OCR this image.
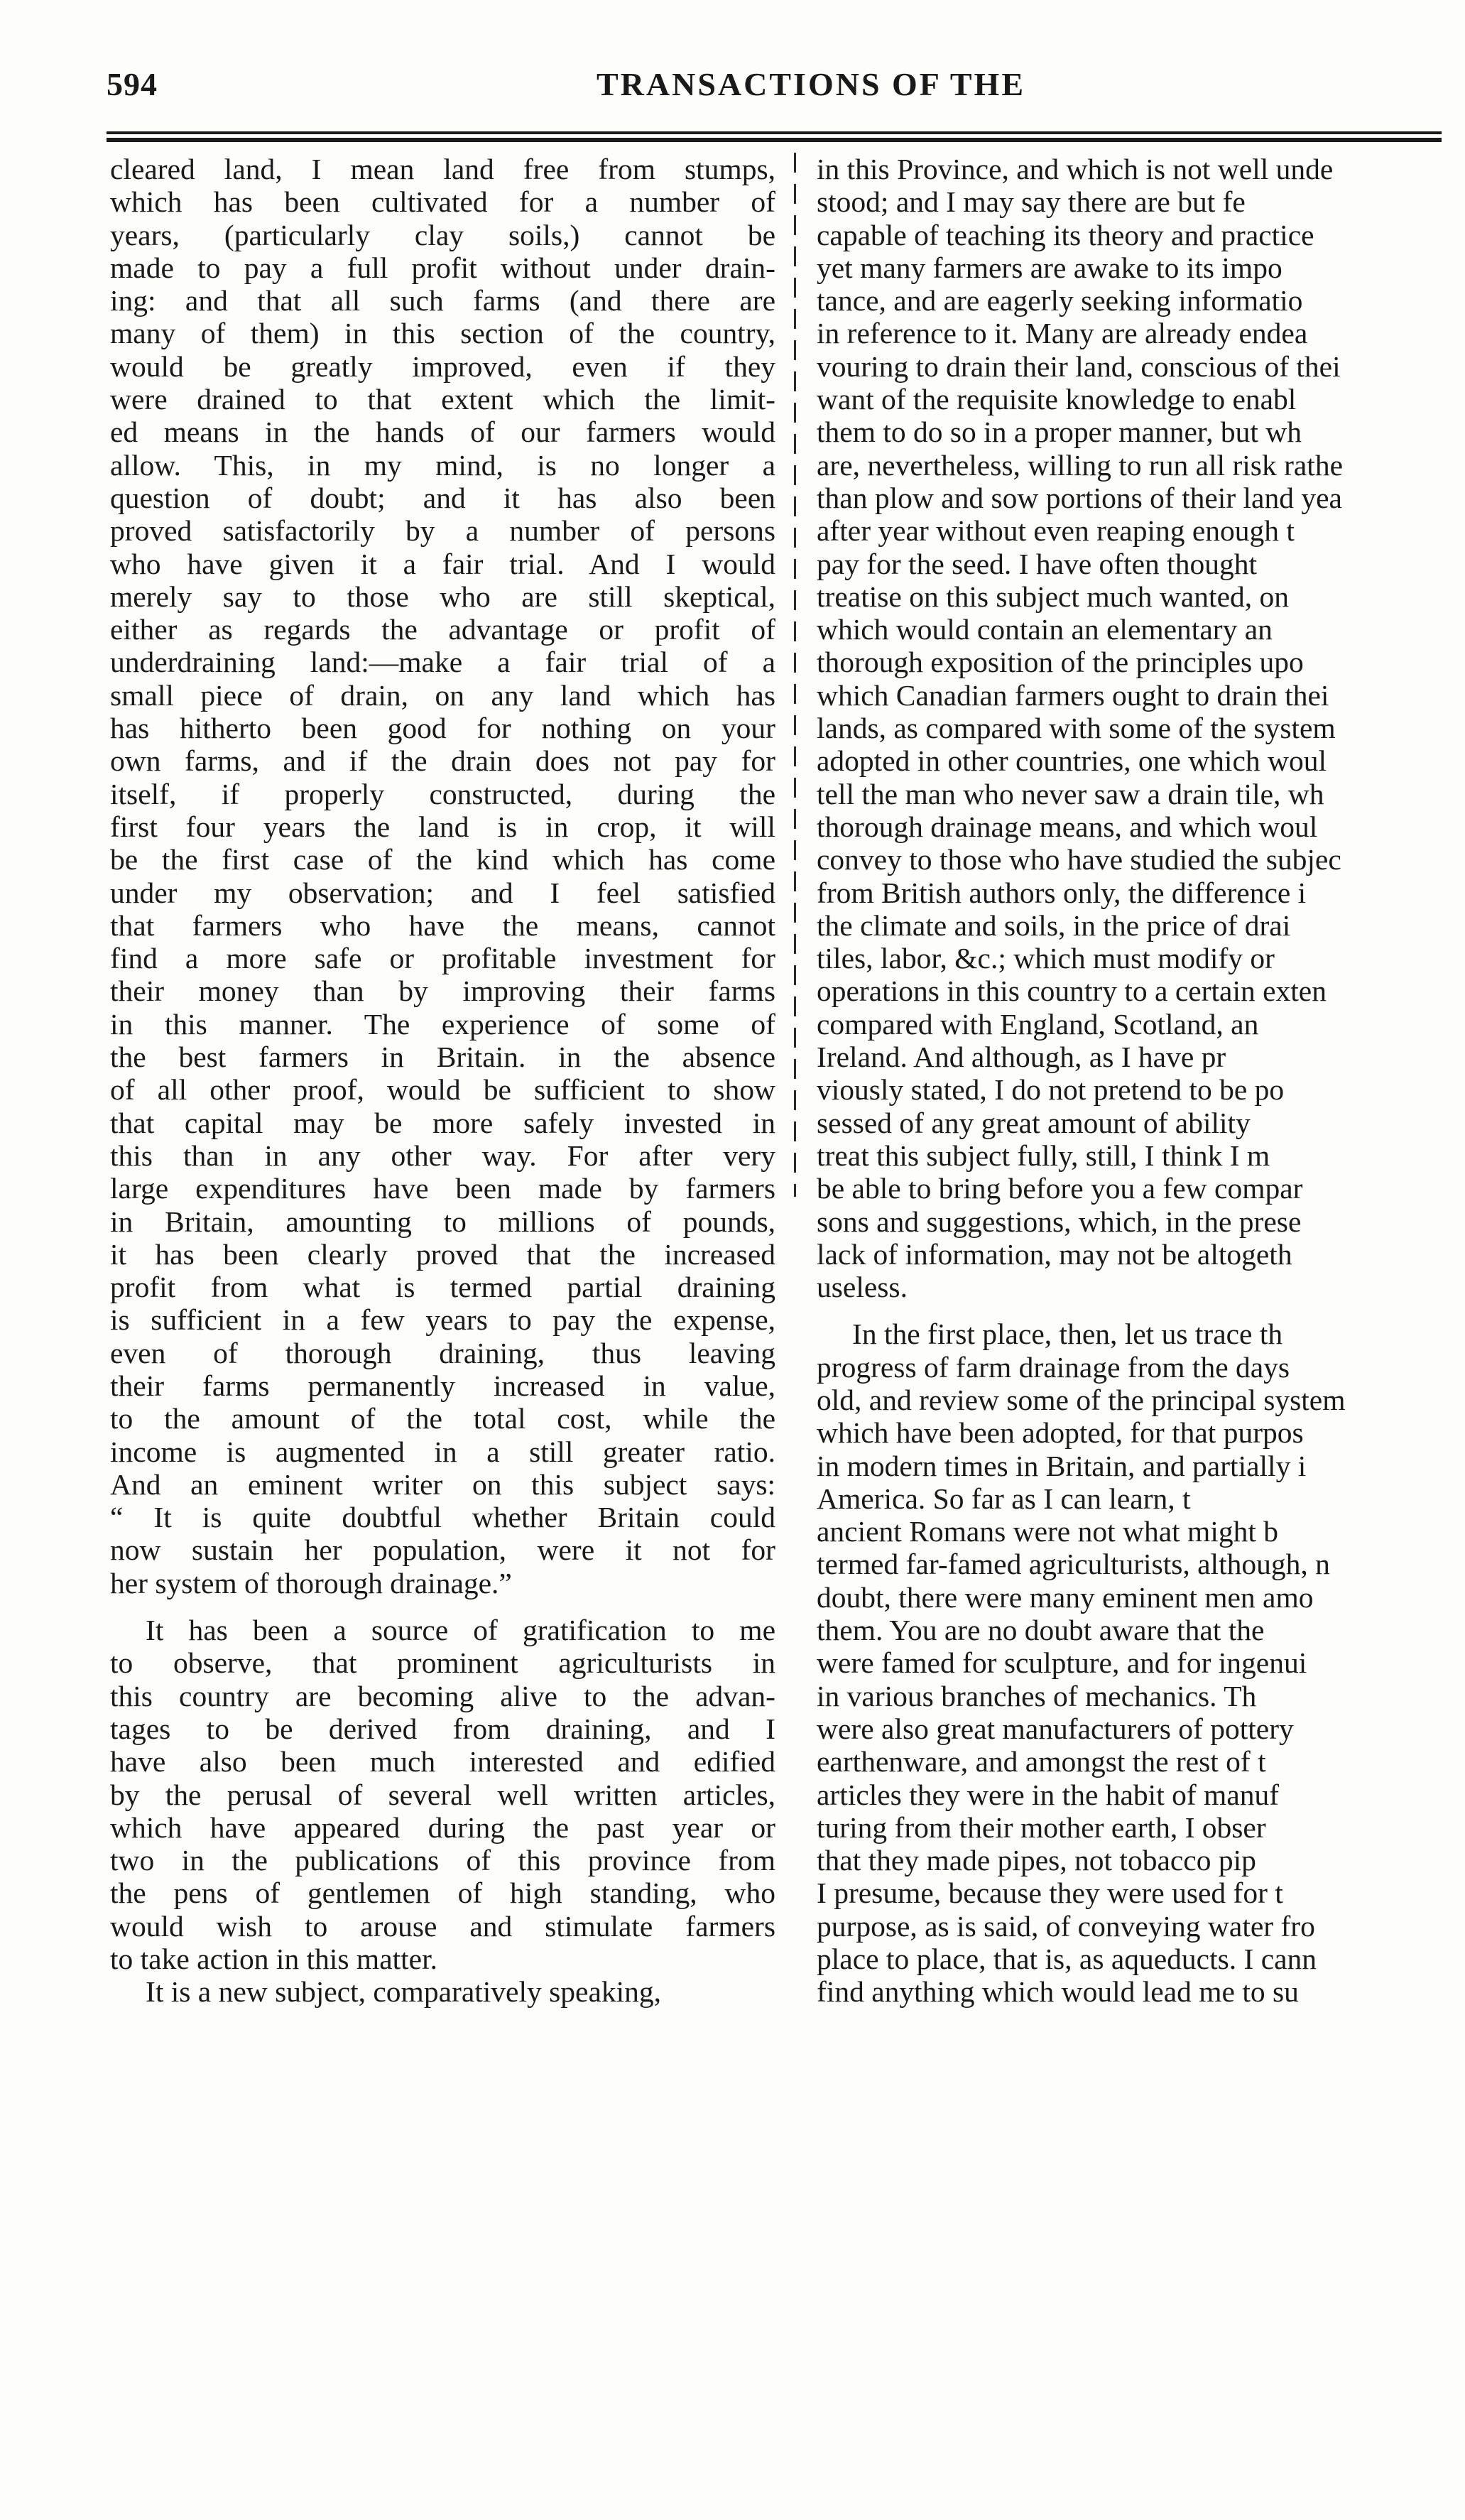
594	TRANSACTIONS OF THE

cleared land, I mean land free from stumps,
which has been cultivated for a number of
years, (particularly clay soils,) cannot be
made to pay a full profit without under drain-
ing: and that all such farms (and there are
many of them) in this section of the country,
would be greatly improved, even if they
were drained to that extent which the limit-
ed means in the hands of our farmers would
allow. This, in my mind, is no longer a
question of doubt; and it has also been
proved satisfactorily by a number of persons
who have given it a fair trial. And I would
merely say to those who are still skeptical,
either as regards the advantage or profit of
underdraining land:—make a fair trial of a
small piece of drain, on any land which has
has hitherto been good for nothing on your
own farms, and if the drain does not pay for
itself, if properly constructed, during the
first four years the land is in crop, it will
be the first case of the kind which has come
under my observation; and I feel satisfied
that farmers who have the means, cannot
find a more safe or profitable investment for
their money than by improving their farms
in this manner. The experience of some of
the best farmers in Britain. in the absence
of all other proof, would be sufficient to show
that capital may be more safely invested in
this than in any other way. For after very
large expenditures have been made by farmers
in Britain, amounting to millions of pounds,
it has been clearly proved that the increased
profit from what is termed partial draining
is sufficient in a few years to pay the expense,
even of thorough draining, thus leaving
their farms permanently increased in value,
to the amount of the total cost, while the
income is augmented in a still greater ratio.
And an eminent writer on this subject says:
“ It is quite doubtful whether Britain could
now sustain her population, were it not for
her system of thorough drainage.”

It has been a source of gratification to me
to observe, that prominent agriculturists in
this country are becoming alive to the advan-
tages to be derived from draining, and I
have also been much interested and edified
by the perusal of several well written articles,
which have appeared during the past year or
two in the publications of this province from
the pens of gentlemen of high standing, who
would wish to arouse and stimulate farmers
to take action in this matter.

It is a new subject, comparatively speaking,

in this Province, and which is not well unde
stood; and I may say there are but fe
capable of teaching its theory and practice
yet many farmers are awake to its impo
tance, and are eagerly seeking informatio
in reference to it. Many are already endea
vouring to drain their land, conscious of thei
want of the requisite knowledge to enabl
them to do so in a proper manner, but wh
are, nevertheless, willing to run all risk rathe
than plow and sow portions of their land yea
after year without even reaping enough t
pay for the seed. I have often thought
treatise on this subject much wanted, on
which would contain an elementary an
thorough exposition of the principles upo
which Canadian farmers ought to drain thei
lands, as compared with some of the system
adopted in other countries, one which woul
tell the man who never saw a drain tile, wh
thorough drainage means, and which woul
convey to those who have studied the subjec
from British authors only, the difference i
the climate and soils, in the price of drai
tiles, labor, &c.; which must modify or
operations in this country to a certain exten
compared with England, Scotland, an
Ireland. And although, as I have pr
viously stated, I do not pretend to be po
sessed of any great amount of ability
treat this subject fully, still, I think I m
be able to bring before you a few compar
sons and suggestions, which, in the prese
lack of information, may not be altogeth
useless.

In the first place, then, let us trace th
progress of farm drainage from the days
old, and review some of the principal system
which have been adopted, for that purpos
in modern times in Britain, and partially i
America. So far as I can learn, t
ancient Romans were not what might b
termed far-famed agriculturists, although, n
doubt, there were many eminent men amo
them. You are no doubt aware that the
were famed for sculpture, and for ingenui
in various branches of mechanics. Th
were also great manufacturers of pottery
earthenware, and amongst the rest of t
articles they were in the habit of manuf
turing from their mother earth, I obser
that they made pipes, not tobacco pip
I presume, because they were used for t
purpose, as is said, of conveying water fro
place to place, that is, as aqueducts. I cann
find anything which would lead me to su
